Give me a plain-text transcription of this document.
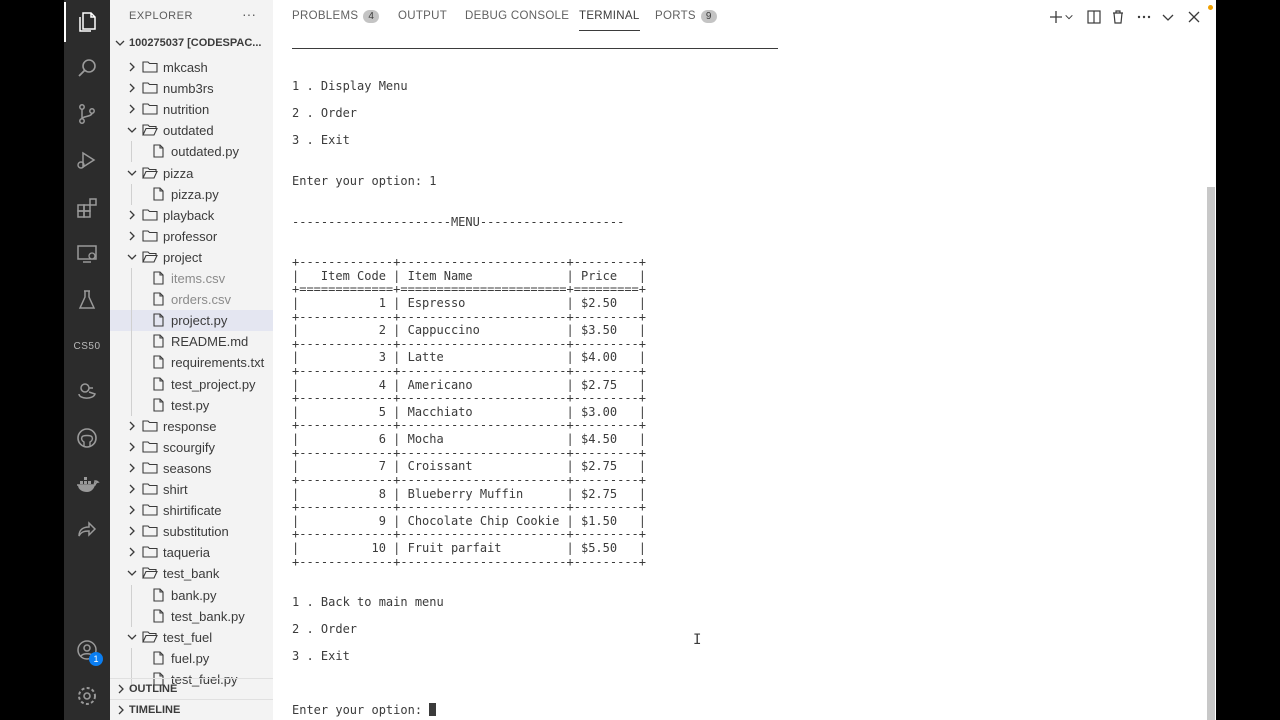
CS50
1
EXPLORER	···
100275037 [CODESPAC...
mkcash
numb3rs
nutrition
outdated
outdated.py
pizza
pizza.py
playback
professor
project
items.csv
orders.csv
project.py
README.md
requirements.txt
test_project.py
test.py
response
scourgify
seasons
shirt
shirtificate
substitution
taqueria
test_bank
bank.py
test_bank.py
test_fuel
fuel.py
test_fuel.py
OUTLINE
TIMELINE
PROBLEMS 4	OUTPUT DEBUG CONSOLE TERMINAL PORTS 9
1 . Display Menu
2 . Order
3 . Exit
Enter your option: 1
----------------------MENU--------------------
+-------------+-----------------------+---------+
|   Item Code | Item Name             | Price   |
+=============+=======================+=========+
|           1 | Espresso              | $2.50   |
+-------------+-----------------------+---------+
|           2 | Cappuccino            | $3.50   |
+-------------+-----------------------+---------+
|           3 | Latte                 | $4.00   |
+-------------+-----------------------+---------+
|           4 | Americano             | $2.75   |
+-------------+-----------------------+---------+
|           5 | Macchiato             | $3.00   |
+-------------+-----------------------+---------+
|           6 | Mocha                 | $4.50   |
+-------------+-----------------------+---------+
|           7 | Croissant             | $2.75   |
+-------------+-----------------------+---------+
|           8 | Blueberry Muffin      | $2.75   |
+-------------+-----------------------+---------+
|           9 | Chocolate Chip Cookie | $1.50   |
+-------------+-----------------------+---------+
|          10 | Fruit parfait         | $5.50   |
+-------------+-----------------------+---------+
1 . Back to main menu
2 . Order
3 . Exit
Enter your option:
I
